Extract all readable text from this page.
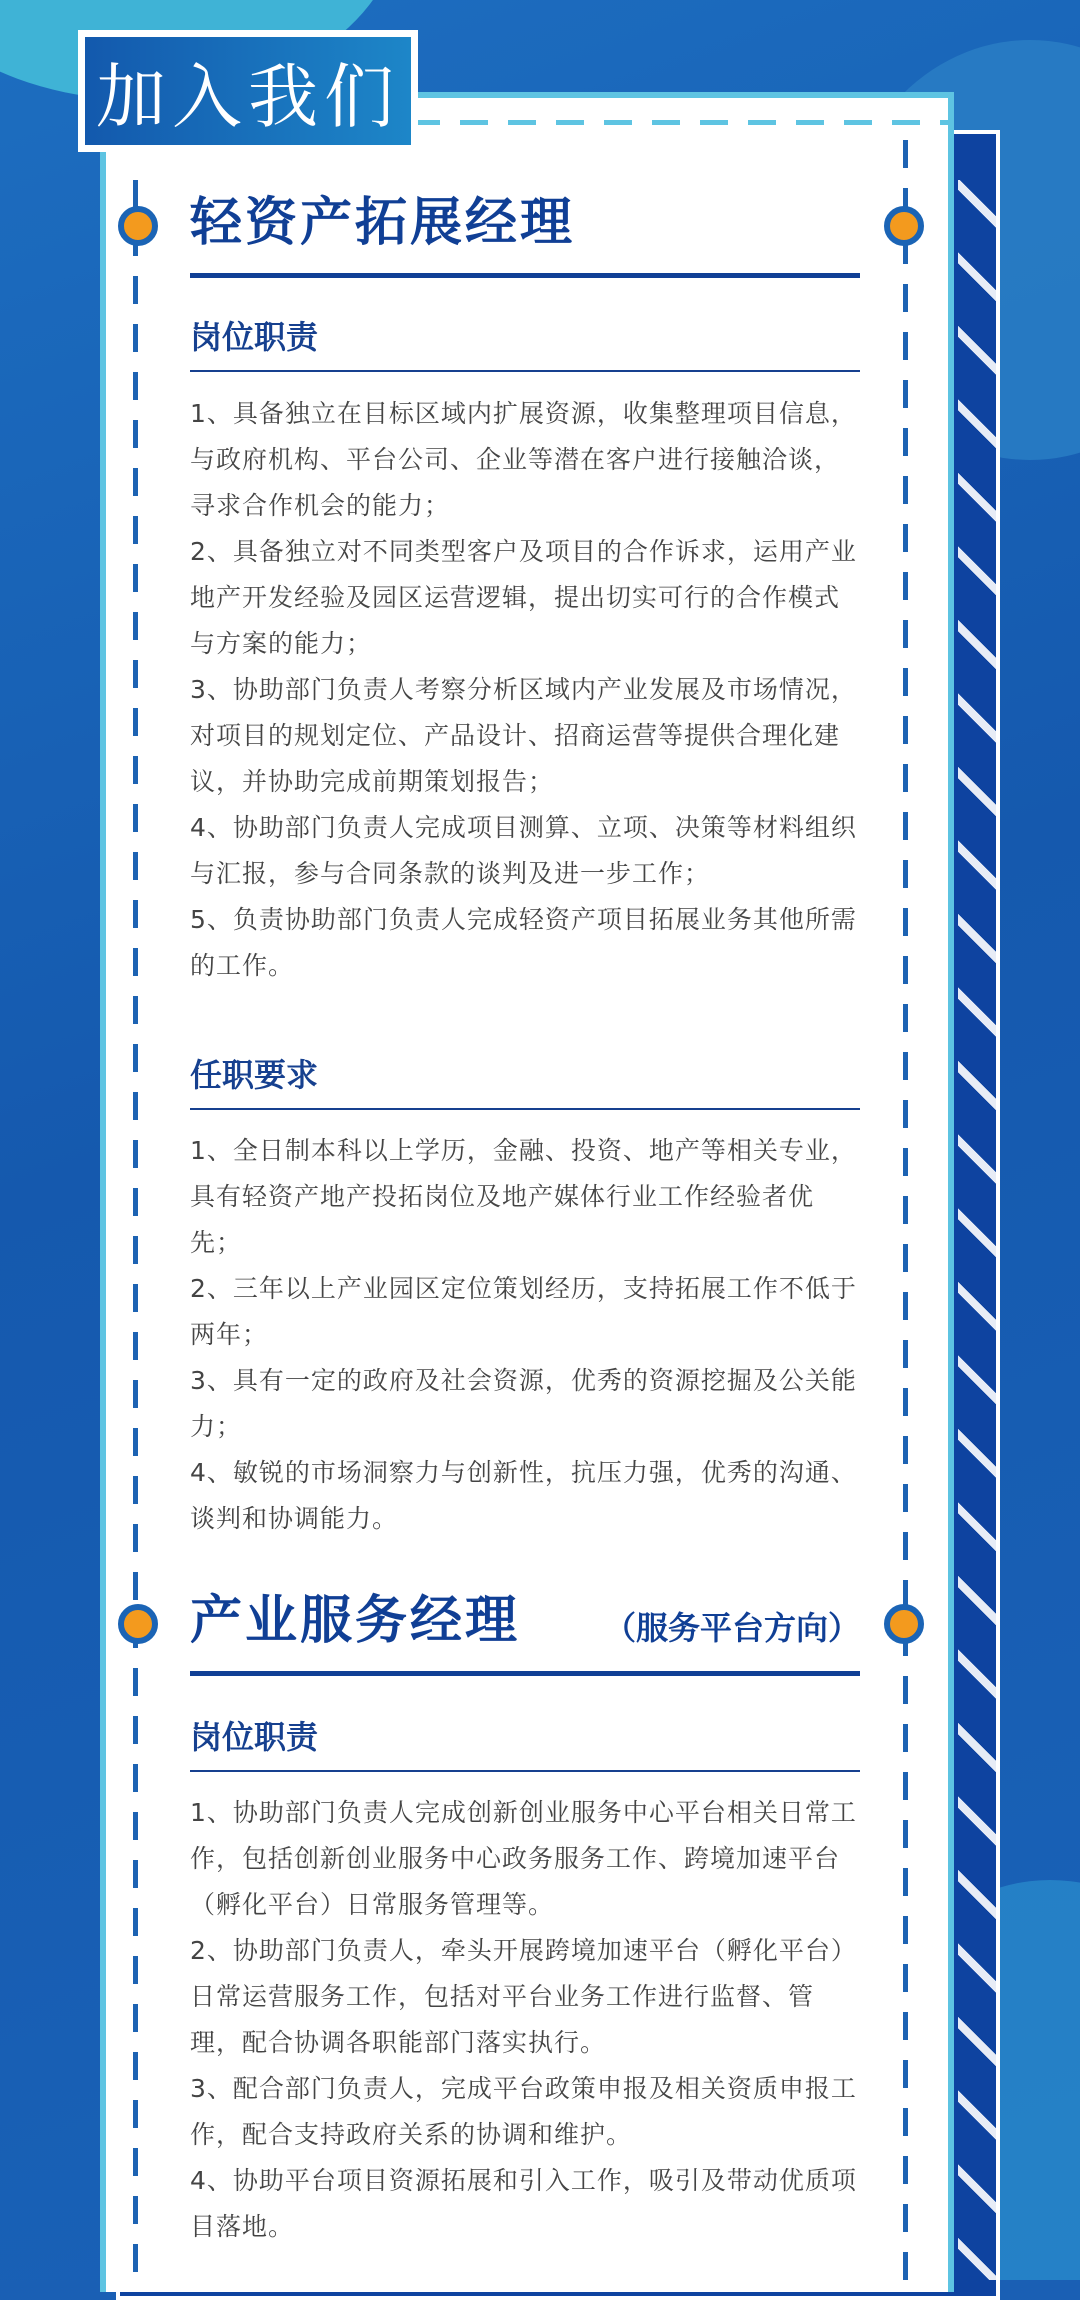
加入我们
轻资产拓展经理
岗位职责

1、具备独立在目标区域内扩展资源，收集整理项目信息，与政府机构、平台公司、企业等潜在客户进行接触洽谈，寻求合作机会的能力；

2、具备独立对不同类型客户及项目的合作诉求，运用产业地产开发经验及园区运营逻辑，提出切实可行的合作模式与方案的能力；

3、协助部门负责人考察分析区域内产业发展及市场情况，对项目的规划定位、产品设计、招商运营等提供合理化建议，并协助完成前期策划报告；

4、协助部门负责人完成项目测算、立项、决策等材料组织与汇报，参与合同条款的谈判及进一步工作；

5、负责协助部门负责人完成轻资产项目拓展业务其他所需的工作。

任职要求

1、全日制本科以上学历，金融、投资、地产等相关专业，具有轻资产地产投拓岗位及地产媒体行业工作经验者优先；

2、三年以上产业园区定位策划经历，支持拓展工作不低于两年；

3、具有一定的政府及社会资源，优秀的资源挖掘及公关能力；

4、敏锐的市场洞察力与创新性，抗压力强，优秀的沟通、谈判和协调能力。

产业服务经理	（服务平台方向）
岗位职责

1、协助部门负责人完成创新创业服务中心平台相关日常工作，包括创新创业服务中心政务服务工作、跨境加速平台（孵化平台）日常服务管理等。

2、协助部门负责人，牵头开展跨境加速平台（孵化平台）日常运营服务工作，包括对平台业务工作进行监督、管理，配合协调各职能部门落实执行。

3、配合部门负责人，完成平台政策申报及相关资质申报工作，配合支持政府关系的协调和维护。

4、协助平台项目资源拓展和引入工作，吸引及带动优质项目落地。
